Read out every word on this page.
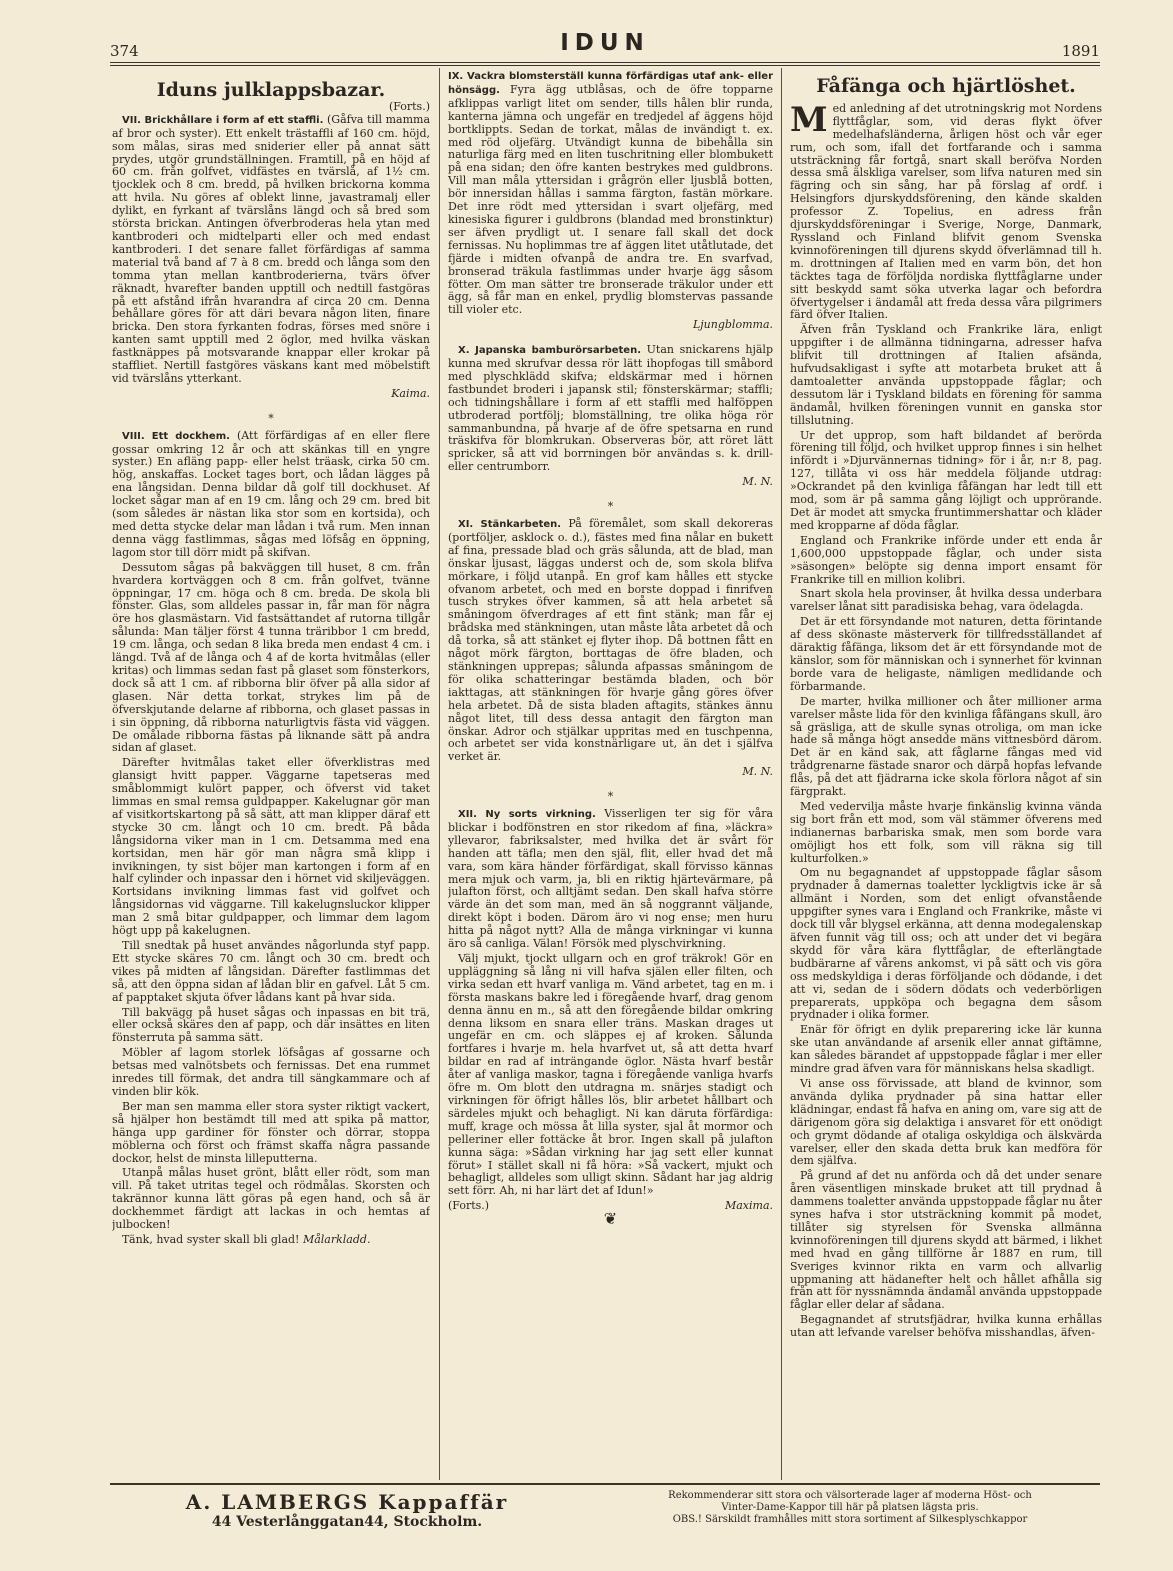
374	IDUN	1891
Iduns julklappsbazar.
(Forts.)

VII. Brickhållare i form af ett staffli. (Gåfva till mamma af bror och syster). Ett enkelt trästaffli af 160 cm. höjd, som målas, siras med sniderier eller på annat sätt prydes, utgör grundställningen. Framtill, på en höjd af 60 cm. från golfvet, vidfästes en tvärslå, af 1½ cm. tjocklek och 8 cm. bredd, på hvilken brickorna komma att hvila. Nu göres af oblekt linne, javastramalj eller dylikt, en fyrkant af tvärslåns längd och så bred som största brickan. Antingen öfverbroderas hela ytan med kantbroderi och midtelparti eller och med endast kantbroderi. I det senare fallet förfärdigas af samma material två band af 7 à 8 cm. bredd och långa som den tomma ytan mellan kantbroderierna, tvärs öfver räknadt, hvarefter banden upptill och nedtill fastgöras på ett afstånd ifrån hvarandra af circa 20 cm. Denna behållare göres för att däri bevara någon liten, finare bricka. Den stora fyrkanten fodras, förses med snöre i kanten samt upptill med 2 öglor, med hvilka väskan fastknäppes på motsvarande knappar eller krokar på staffliet. Nertill fastgöres väskans kant med möbelstift vid tvärslåns ytterkant.

Kaima.
*

VIII. Ett dockhem. (Att förfärdigas af en eller flere gossar omkring 12 år och att skänkas till en yngre syster.) En afläng papp- eller helst träask, cirka 50 cm. hög, anskaffas. Locket tages bort, och lådan lägges på ena långsidan. Denna bildar då golf till dockhuset. Af locket sågar man af en 19 cm. lång och 29 cm. bred bit (som således är nästan lika stor som en kortsida), och med detta stycke delar man lådan i två rum. Men innan denna vägg fastlimmas, sågas med löfsåg en öppning, lagom stor till dörr midt på skifvan.

Dessutom sågas på bakväggen till huset, 8 cm. från hvardera kortväggen och 8 cm. från golfvet, tvänne öppningar, 17 cm. höga och 8 cm. breda. De skola bli fönster. Glas, som alldeles passar in, får man för några öre hos glasmästarn. Vid fastsättandet af rutorna tillgår sålunda: Man täljer först 4 tunna träribbor 1 cm bredd, 19 cm. långa, och sedan 8 lika breda men endast 4 cm. i längd. Två af de långa och 4 af de korta hvitmålas (eller kritas) och limmas sedan fast på glaset som fönsterkors, dock så att 1 cm. af ribborna blir öfver på alla sidor af glasen. När detta torkat, strykes lim på de öfverskjutande delarne af ribborna, och glaset passas in i sin öppning, då ribborna naturligtvis fästa vid väggen. De omålade ribborna fästas på liknande sätt på andra sidan af glaset.

Därefter hvitmålas taket eller öfverklistras med glansigt hvitt papper. Väggarne tapetseras med småblommigt kulört papper, och öfverst vid taket limmas en smal remsa guldpapper. Kakelugnar gör man af visitkortskartong på så sätt, att man klipper däraf ett stycke 30 cm. långt och 10 cm. bredt. På båda långsidorna viker man in 1 cm. Detsamma med ena kortsidan, men här gör man några små klipp i invikningen, ty sist böjer man kartongen i form af en half cylinder och inpassar den i hörnet vid skiljeväggen. Kortsidans invikning limmas fast vid golfvet och långsidornas vid väggarne. Till kakelugnsluckor klipper man 2 små bitar guldpapper, och limmar dem lagom högt upp på kakelugnen.

Till snedtak på huset användes någorlunda styf papp. Ett stycke skäres 70 cm. långt och 30 cm. bredt och vikes på midten af långsidan. Därefter fastlimmas det så, att den öppna sidan af lådan blir en gafvel. Låt 5 cm. af papptaket skjuta öfver lådans kant på hvar sida.

Till bakvägg på huset sågas och inpassas en bit trä, eller också skäres den af papp, och där insättes en liten fönsterruta på samma sätt.

Möbler af lagom storlek löfsågas af gossarne och betsas med valnötsbets och fernissas. Det ena rummet inredes till förmak, det andra till sängkammare och af vinden blir kök.

Ber man sen mamma eller stora syster riktigt vackert, så hjälper hon bestämdt till med att spika på mattor, hänga upp gardiner för fönster och dörrar, stoppa möblerna och först och främst skaffa några passande dockor, helst de minsta lilleputterna.

Utanpå målas huset grönt, blått eller rödt, som man vill. På taket utritas tegel och rödmålas. Skorsten och takrännor kunna lätt göras på egen hand, och så är dockhemmet färdigt att lackas in och hemtas af julbocken!

Tänk, hvad syster skall bli glad! Målarkladd.

IX. Vackra blomsterställ kunna förfärdigas utaf ank- eller hönsägg. Fyra ägg utblåsas, och de öfre topparne afklippas varligt litet om sender, tills hålen blir runda, kanterna jämna och ungefär en tredjedel af äggens höjd bortklippts. Sedan de torkat, målas de invändigt t. ex. med röd oljefärg. Utvändigt kunna de bibehålla sin naturliga färg med en liten tuschritning eller blombukett på ena sidan; den öfre kanten bestrykes med guldbrons. Vill man måla yttersidan i grågrön eller ljusblå botten, bör innersidan hållas i samma färgton, fastän mörkare. Det inre rödt med yttersidan i svart oljefärg, med kinesiska figurer i guldbrons (blandad med bronstinktur) ser äfven prydligt ut. I senare fall skall det dock fernissas. Nu hoplimmas tre af äggen litet utåtlutade, det fjärde i midten ofvanpå de andra tre. En svarfvad, bronserad träkula fastlimmas under hvarje ägg såsom fötter. Om man sätter tre bronserade träkulor under ett ägg, så får man en enkel, prydlig blomstervas passande till violer etc.

Ljungblomma.

X. Japanska bamburörsarbeten. Utan snickarens hjälp kunna med skrufvar dessa rör lätt ihopfogas till småbord med plyschklädd skifva; eldskärmar med i hörnen fastbundet broderi i japansk stil; fönsterskärmar; staffli; och tidningshållare i form af ett staffli med halföppen utbroderad portfölj; blomställning, tre olika höga rör sammanbundna, på hvarje af de öfre spetsarna en rund träskifva för blomkrukan. Observeras bör, att röret lätt spricker, så att vid borrningen bör användas s. k. drill- eller centrumborr.

M. N.
*

XI. Stänkarbeten. På föremålet, som skall dekoreras (portföljer, asklock o. d.), fästes med fina nålar en bukett af fina, pressade blad och gräs sålunda, att de blad, man önskar ljusast, läggas underst och de, som skola blifva mörkare, i följd utanpå. En grof kam hålles ett stycke ofvanom arbetet, och med en borste doppad i finrifven tusch strykes öfver kammen, så att hela arbetet så småningom öfverdrages af ett fint stänk; man får ej brådska med stänkningen, utan måste låta arbetet då och då torka, så att stänket ej flyter ihop. Då bottnen fått en något mörk färgton, borttagas de öfre bladen, och stänkningen upprepas; sålunda afpassas småningom de för olika schatteringar bestämda bladen, och bör iakttagas, att stänkningen för hvarje gång göres öfver hela arbetet. Då de sista bladen aftagits, stänkes ännu något litet, till dess dessa antagit den färgton man önskar. Adror och stjälkar uppritas med en tuschpenna, och arbetet ser vida konstnärligare ut, än det i själfva verket är.

M. N.
*

XII. Ny sorts virkning. Visserligen ter sig för våra blickar i bodfönstren en stor rikedom af fina, »läckra» yllevaror, fabriksalster, med hvilka det är svårt för handen att täfla; men den själ, flit, eller hvad det må vara, som kära händer förfärdigat, skall förvisso kännas mera mjuk och varm, ja, bli en riktig hjärtevärmare, på julafton först, och alltjämt sedan. Den skall hafva större värde än det som man, med än så noggrannt väljande, direkt köpt i boden. Därom äro vi nog ense; men huru hitta på något nytt? Alla de många virkningar vi kunna äro så canliga. Välan! Försök med plyschvirkning.

Välj mjukt, tjockt ullgarn och en grof träkrok! Gör en uppläggning så lång ni vill hafva själen eller filten, och virka sedan ett hvarf vanliga m. Vänd arbetet, tag en m. i första maskans bakre led i föregående hvarf, drag genom denna ännu en m., så att den föregående bildar omkring denna liksom en snara eller träns. Maskan drages ut ungefär en cm. och släppes ej af kroken. Sålunda fortfares i hvarje m. hela hvarfvet ut, så att detta hvarf bildar en rad af inträngande öglor. Nästa hvarf består åter af vanliga maskor, tagna i föregående vanliga hvarfs öfre m. Om blott den utdragna m. snärjes stadigt och virkningen för öfrigt hålles lös, blir arbetet hållbart och särdeles mjukt och behagligt. Ni kan däruta förfärdiga: muff, krage och mössa åt lilla syster, sjal åt mormor och pelleriner eller fottäcke åt bror. Ingen skall på julafton kunna säga: »Sådan virkning har jag sett eller kunnat förut» I stället skall ni få höra: »Så vackert, mjukt och behagligt, alldeles som ulligt skinn. Sådant har jag aldrig sett förr. Ah, ni har lärt det af Idun!»

(Forts.)	Maxima.
❦
Fåfänga och hjärtlöshet.

Med anledning af det utrotningskrig mot Nordens flyttfåglar, som, vid deras flykt öfver medelhafsländerna, årligen höst och vår eger rum, och som, ifall det fortfarande och i samma utsträckning får fortgå, snart skall beröfva Norden dessa små älskliga varelser, som lifva naturen med sin fägring och sin sång, har på förslag af ordf. i Helsingfors djurskyddsförening, den kände skalden professor Z. Topelius, en adress från djurskyddsföreningar i Sverige, Norge, Danmark, Ryssland och Finland blifvit genom Svenska kvinnoföreningen till djurens skydd öfverlämnad till h. m. drottningen af Italien med en varm bön, det hon täcktes taga de förföljda nordiska flyttfåglarne under sitt beskydd samt söka utverka lagar och befordra öfvertygelser i ändamål att freda dessa våra pilgrimers färd öfver Italien.

Äfven från Tyskland och Frankrike lära, enligt uppgifter i de allmänna tidningarna, adresser hafva blifvit till drottningen af Italien afsända, hufvudsakligast i syfte att motarbeta bruket att å damtoaletter använda uppstoppade fåglar; och dessutom lär i Tyskland bildats en förening för samma ändamål, hvilken föreningen vunnit en ganska stor tillslutning.

Ur det upprop, som haft bildandet af berörda förening till följd, och hvilket upprop finnes i sin helhet infördt i »Djurvännernas tidning» för i år, n:r 8, pag. 127, tillåta vi oss här meddela följande utdrag: »Ockrandet på den kvinliga fåfängan har ledt till ett mod, som är på samma gång löjligt och upprörande. Det är modet att smycka fruntimmershattar och kläder med kropparne af döda fåglar.

England och Frankrike införde under ett enda år 1,600,000 uppstoppade fåglar, och under sista »säsongen» belöpte sig denna import ensamt för Frankrike till en million kolibri.

Snart skola hela provinser, åt hvilka dessa underbara varelser lånat sitt paradisiska behag, vara ödelagda.

Det är ett försyndande mot naturen, detta förintande af dess skönaste mästerverk för tillfredsställandet af däraktig fåfänga, liksom det är ett försyndande mot de känslor, som för människan och i synnerhet för kvinnan borde vara de heligaste, nämligen medlidande och förbarmande.

De marter, hvilka millioner och åter millioner arma varelser måste lida för den kvinliga fåfängans skull, äro så gräsliga, att de skulle synas otroliga, om man icke hade så många högt ansedde mäns vittnesbörd därom. Det är en känd sak, att fåglarne fångas med vid trådgrenarne fästade snaror och därpå hopfas lefvande flås, på det att fjädrarna icke skola förlora något af sin färgprakt.

Med vedervilja måste hvarje finkänslig kvinna vända sig bort från ett mod, som väl stämmer öfverens med indianernas barbariska smak, men som borde vara omöjligt hos ett folk, som vill räkna sig till kulturfolken.»

Om nu begagnandet af uppstoppade fåglar såsom prydnader å damernas toaletter lyckligtvis icke är så allmänt i Norden, som det enligt ofvanstående uppgifter synes vara i England och Frankrike, måste vi dock till vår blygsel erkänna, att denna modegalenskap äfven funnit väg till oss; och att under det vi begära skydd för våra kära flyttfåglar, de efterlängtade budbärarne af vårens ankomst, vi på sätt och vis göra oss medskyldiga i deras förföljande och dödande, i det att vi, sedan de i södern dödats och vederbörligen preparerats, uppköpa och begagna dem såsom prydnader i olika former.

Enär för öfrigt en dylik preparering icke lär kunna ske utan användande af arsenik eller annat giftämne, kan således bärandet af uppstoppade fåglar i mer eller mindre grad äfven vara för människans helsa skadligt.

Vi anse oss förvissade, att bland de kvinnor, som använda dylika prydnader på sina hattar eller klädningar, endast få hafva en aning om, vare sig att de därigenom göra sig delaktiga i ansvaret för ett onödigt och grymt dödande af otaliga oskyldiga och älskvärda varelser, eller den skada detta bruk kan medföra för dem själfva.

På grund af det nu anförda och då det under senare åren väsentligen minskade bruket att till prydnad å dammens toaletter använda uppstoppade fåglar nu åter synes hafva i stor utsträckning kommit på modet, tillåter sig styrelsen för Svenska allmänna kvinnoföreningen till djurens skydd att bärmed, i likhet med hvad en gång tillförne år 1887 en rum, till Sveriges kvinnor rikta en varm och allvarlig uppmaning att hädanefter helt och hållet afhålla sig från att för nyssnämnda ändamål använda uppstoppade fåglar eller delar af sådana.

Begagnandet af strutsfjädrar, hvilka kunna erhållas utan att lefvande varelser behöfva misshandlas, äfven-

A. LAMBERGS Kappaffär
44 Vesterlånggatan44, Stockholm.
Rekommenderar sitt stora och välsorterade lager af moderna Höst- och
Vinter-Dame-Kappor till här på platsen lägsta pris.
OBS.! Särskildt framhålles mitt stora sortiment af Silkesplyschkappor
